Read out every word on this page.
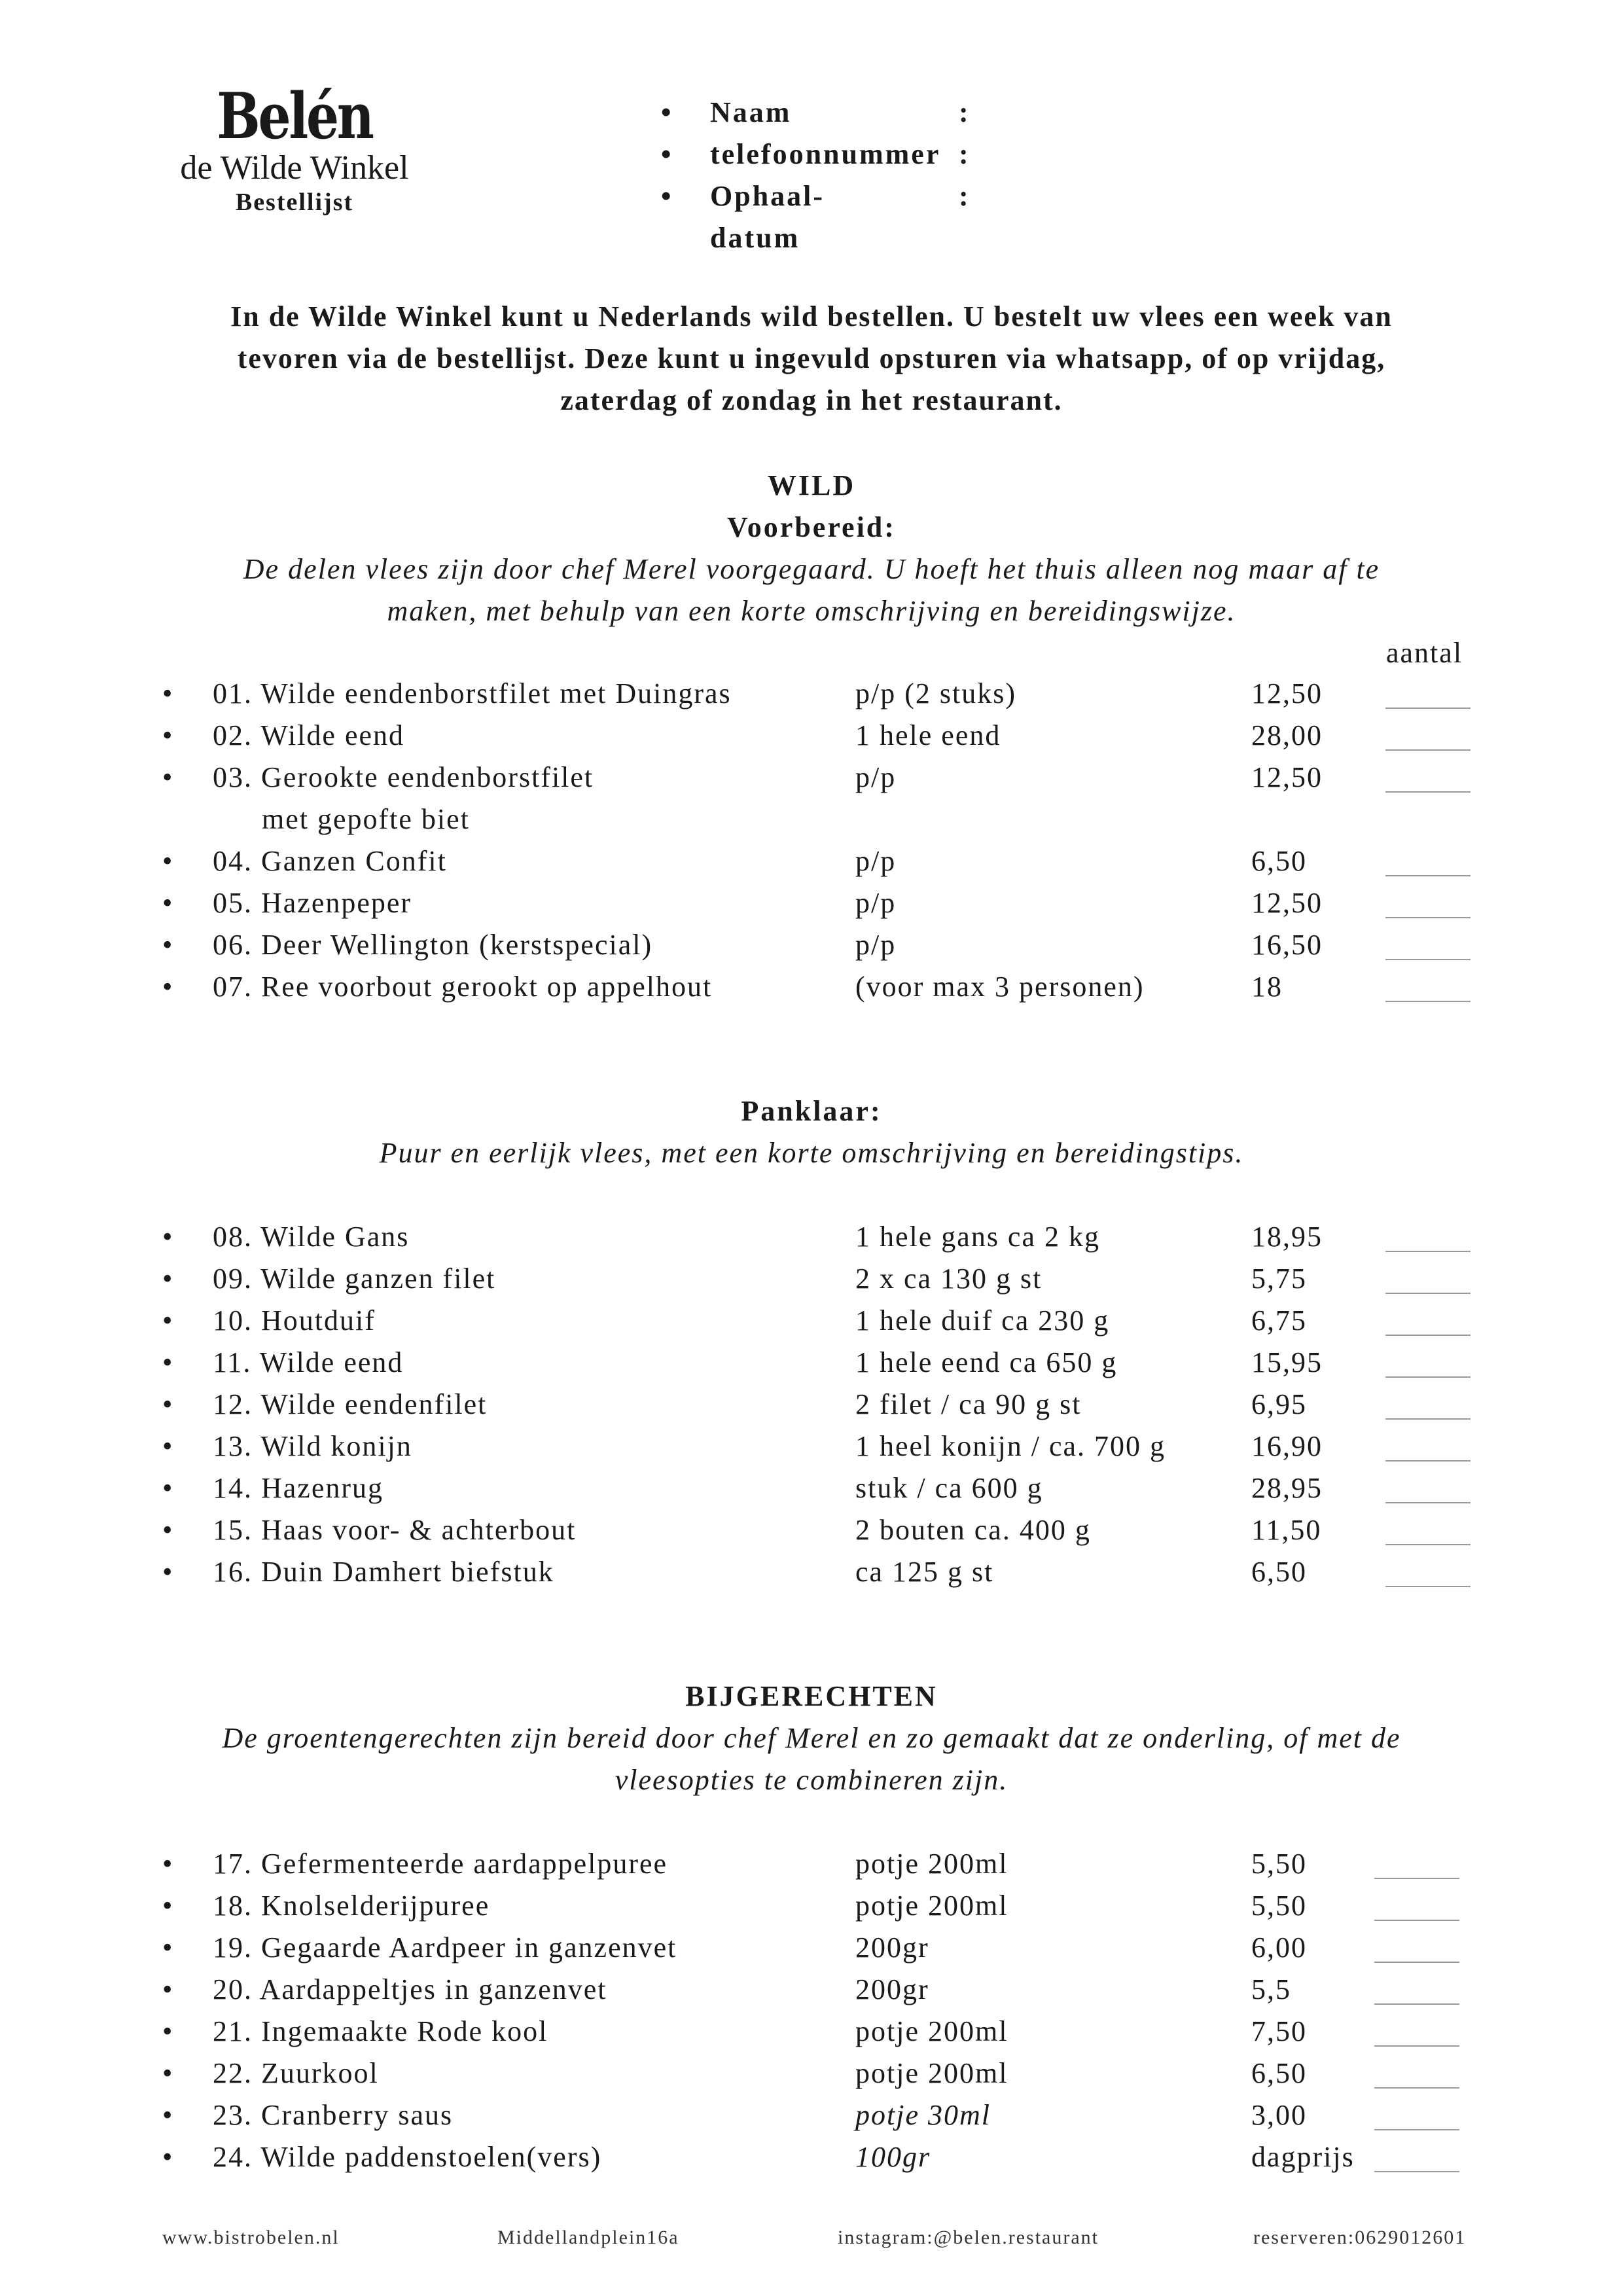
Belén
de Wilde Winkel
Bestellijst
• Naam	:
• telefoonnummer :
• Ophaal-datum
:
In de Wilde Winkel kunt u Nederlands wild bestellen. U bestelt uw vlees een week van
tevoren via de bestellijst. Deze kunt u ingevuld opsturen via whatsapp, of op vrijdag,
zaterdag of zondag in het restaurant.
WILD
Voorbereid:
De delen vlees zijn door chef Merel voorgegaard. U hoeft het thuis alleen nog maar af te
maken, met behulp van een korte omschrijving en bereidingswijze.
aantal
• 01. Wilde eendenborstfilet met Duingras	p/p (2 stuks)	12,50
• 02. Wilde eend	1 hele eend	28,00
• 03. Gerookte eendenborstfilet	p/p	12,50
met gepofte biet
• 04. Ganzen Confit	p/p	6,50
• 05. Hazenpeper	p/p	12,50
• 06. Deer Wellington (kerstspecial)	p/p	16,50
• 07. Ree voorbout gerookt op appelhout	(voor max 3 personen)	18
Panklaar:
Puur en eerlijk vlees, met een korte omschrijving en bereidingstips.
• 08. Wilde Gans	1 hele gans ca 2 kg	18,95
• 09. Wilde ganzen filet	2 x ca 130 g st	5,75
• 10. Houtduif	1 hele duif ca 230 g	6,75
• 11. Wilde eend	1 hele eend ca 650 g	15,95
• 12. Wilde eendenfilet	2 filet / ca 90 g st	6,95
• 13. Wild konijn	1 heel konijn / ca. 700 g	16,90
• 14. Hazenrug	stuk / ca 600 g	28,95
• 15. Haas voor- & achterbout	2 bouten ca. 400 g	11,50
• 16. Duin Damhert biefstuk	ca 125 g st	6,50
BIJGERECHTEN
De groentengerechten zijn bereid door chef Merel en zo gemaakt dat ze onderling, of met de
vleesopties te combineren zijn.
• 17. Gefermenteerde aardappelpuree	potje 200ml	5,50
• 18. Knolselderijpuree	potje 200ml	5,50
• 19. Gegaarde Aardpeer in ganzenvet	200gr	6,00
• 20. Aardappeltjes in ganzenvet	200gr	5,5
• 21. Ingemaakte Rode kool	potje 200ml	7,50
• 22. Zuurkool	potje 200ml	6,50
• 23. Cranberry saus	potje 30ml	3,00
• 24. Wilde paddenstoelen(vers)	100gr	dagprijs
www.bistrobelen.nl	Middellandplein16a	instagram:@belen.restaurant	reserveren:0629012601
